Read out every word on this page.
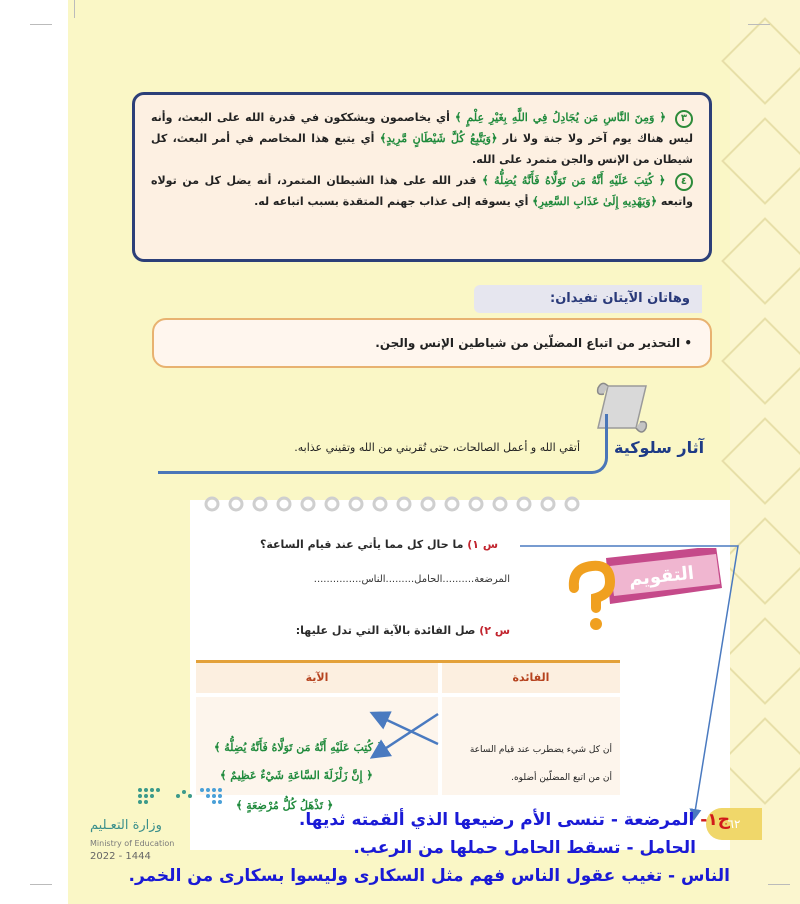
٣ ﴿ وَمِنَ النَّاسِ مَن يُجَادِلُ فِي اللَّهِ بِغَيْرِ عِلْمٍ ﴾ أي يخاصمون ويشككون في قدرة الله على البعث، وأنه ليس هناك يوم آخر ولا جنة ولا نار ﴿وَيَتَّبِعُ كُلَّ شَيْطَانٍ مَّرِيدٍ﴾ أي يتبع هذا المخاصم في أمر البعث، كل شيطان من الإنس والجن متمرد على الله.

٤ ﴿ كُتِبَ عَلَيْهِ أَنَّهُ مَن تَوَلَّاهُ فَأَنَّهُ يُضِلُّهُ ﴾ قدر الله على هذا الشيطان المتمرد، أنه يضل كل من تولاه واتبعه ﴿وَيَهْدِيهِ إِلَىٰ عَذَابِ السَّعِيرِ﴾ أي يسوقه إلى عذاب جهنم المتقدة بسبب اتباعه له.

وهاتان الآيتان تفيدان:
• التحذير من اتباع المضلّين من شياطين الإنس والجن.
آثار سلوكية
أتقي الله و أعمل الصالحات، حتى تُقربني من الله وتقيني عذابه.
س ١) ما حال كل مما يأتي عند قيام الساعة؟
المرضعة..........الحامل.........الناس...............
س ٢) صل الفائدة بالآية التي تدل عليها:
التقويم
الفائدة
الآية
أن كل شيء يضطرب عند قيام الساعة
أن من اتبع المضلّين أضلوه.
﴿ كُتِبَ عَلَيْهِ أَنَّهُ مَن تَوَلَّاهُ فَأَنَّهُ يُضِلُّهُ ﴾
﴿ إِنَّ زَلْزَلَةَ السَّاعَةِ شَيْءٌ عَظِيمٌ ﴾
﴿ تَذْهَلُ كُلُّ مُرْضِعَةٍ ﴾
٦٢
وزارة التعـليم
Ministry of Education
2022 - 1444
ج١- المرضعة - تنسى الأم رضيعها الذي ألقمته ثديها.
الحامل - تسقط الحامل حملها من الرعب.
الناس - تغيب عقول الناس فهم مثل السكارى وليسوا بسكارى من الخمر.
